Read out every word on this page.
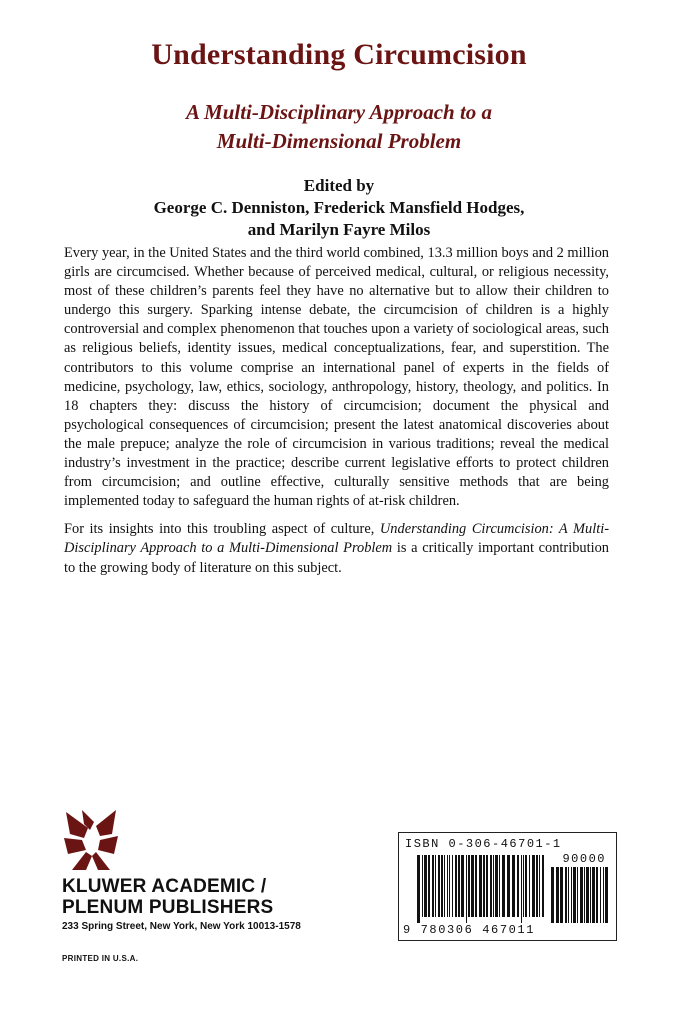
Understanding Circumcision
A Multi-Disciplinary Approach to a
Multi-Dimensional Problem
Edited by
George C. Denniston, Frederick Mansfield Hodges,
and Marilyn Fayre Milos

Every year, in the United States and the third world combined, 13.3 million boys and 2 million girls are circumcised. Whether because of perceived medical, cultural, or religious necessity, most of these children’s parents feel they have no alternative but to allow their children to undergo this surgery. Sparking intense debate, the circumcision of children is a highly controversial and complex phenomenon that touches upon a variety of sociological areas, such as religious beliefs, identity issues, medical conceptualizations, fear, and superstition. The contributors to this volume comprise an international panel of experts in the fields of medicine, psychology, law, ethics, sociology, anthropology, history, theology, and politics. In 18 chapters they: discuss the history of circumcision; document the physical and psychological consequences of circumcision; present the latest anatomical discoveries about the male prepuce; analyze the role of circumcision in various traditions; reveal the medical industry’s investment in the practice; describe current legislative efforts to protect children from circumcision; and outline effective, culturally sensitive methods that are being implemented today to safeguard the human rights of at-risk children.

For its insights into this troubling aspect of culture, Understanding Circumcision: A Multi-Disciplinary Approach to a Multi-Dimensional Problem is a critically important contribution to the growing body of literature on this subject.

KLUWER ACADEMIC /
PLENUM PUBLISHERS
233 Spring Street, New York, New York 10013-1578
PRINTED IN U.S.A.
ISBN 0-306-46701-1
90000
9 780306 467011
